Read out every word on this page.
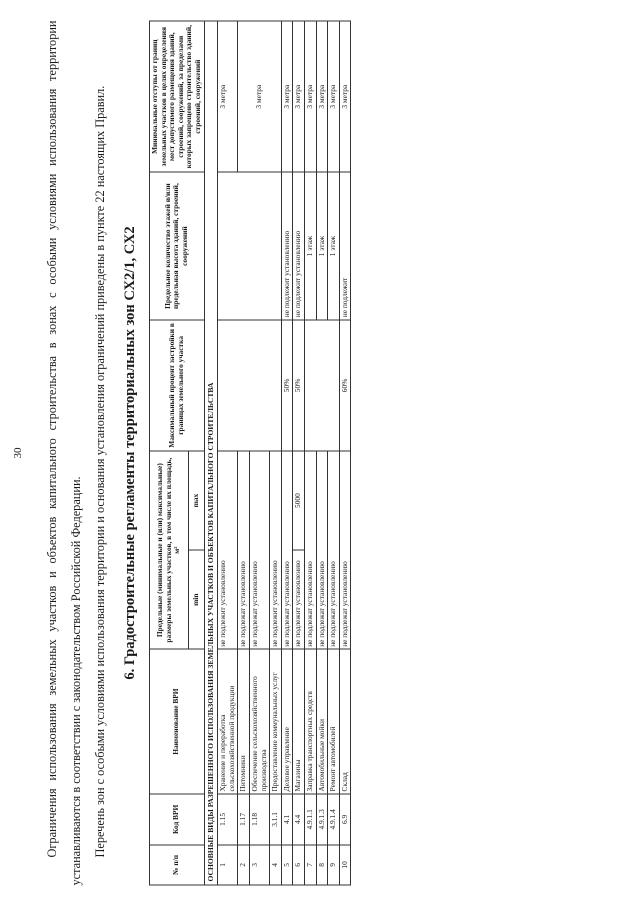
30	Ограничения использования земельных участков и объектов капитального строительства в зонах с особыми условиями использования территории устанавливаются в соответствии с законодательством Российской Федерации. Перечень зон с особыми условиями использования территории и основания установления ограничений приведены в пункте 22 настоящих Правил.	6. Градостроительные регламенты территориальных зон СХ2/1, СХ2
№ п/п	Код ВРИ	Наименование ВРИ	Предельные (минимальные и (или) максимальные) размеры земельных участков, в том числе их площадь, м²		Максимальный процент застройки в границах земельного участка	Предельное количество этажей и/или предельная высота зданий, строений, сооружений	Минимальные отступы от границ земельных участков в целях определения мест допустимого размещения зданий, строений, сооружений, за пределами которых запрещено строительство зданий, строений, сооружений
			min	max			
ОСНОВНЫЕ ВИДЫ РАЗРЕШЕННОГО ИСПОЛЬЗОВАНИЯ ЗЕМЕЛЬНЫХ УЧАСТКОВ И ОБЪЕКТОВ КАПИТАЛЬНОГО СТРОИТЕЛЬСТВА							
1	1.15	Хранение и переработка сельскохозяйственной продукции	не подлежит установлению				3 метра
2	1.17	Питомники	не подлежат установлению				3 метра
3	1.18	Обеспечение сельскохозяйственного производства	не подлежат установлению				
4	3.1.1	Предоставление коммунальных услуг	не подлежит установлению				
5	4.1	Деловое управление	не подлежат установлению		50%	не подлежит установлению	3 метра
6	4.4	Магазины	не подлежит установлению	5000	50%	не подлежит установлению	3 метра
7	4.9.1.1	Заправка транспортных средств	не подлежат установлению			1 этаж	3 метра
8	4.9.1.3	Автомобильные мойки	не подлежат установлению			1 этаж	3 метра
9	4.9.1.4	Ремонт автомобилей	не подлежат установлению			1 этаж	3 метра
10	6.9	Склад	не подлежат установлению		60%	не подлежит	3 метра
